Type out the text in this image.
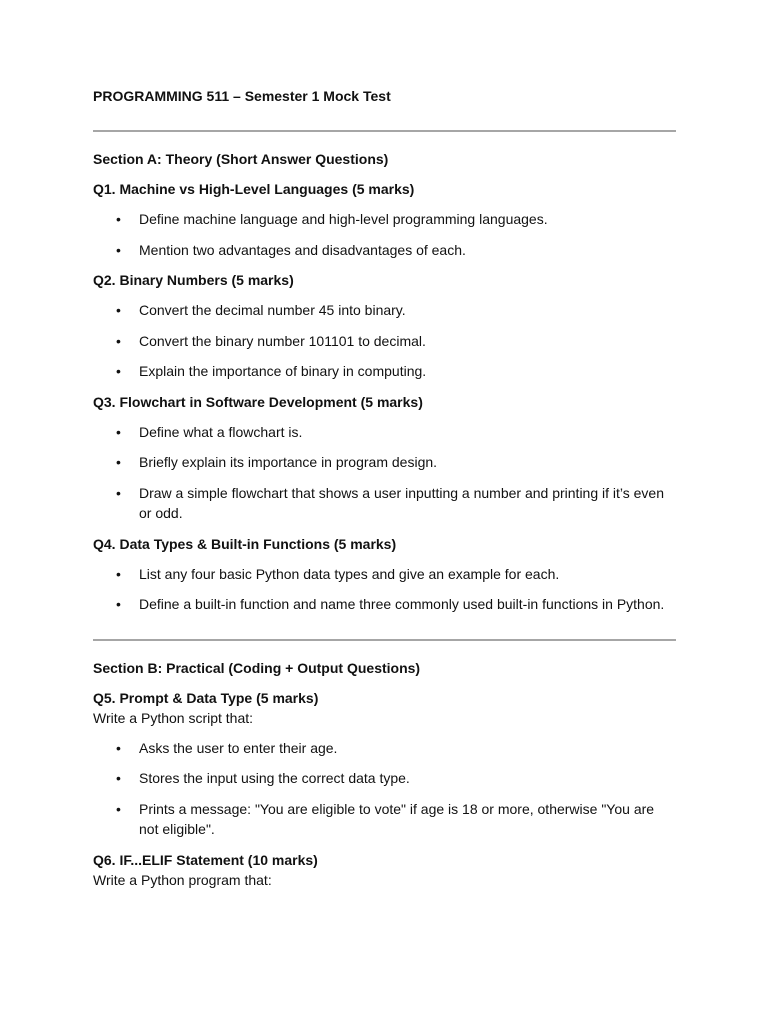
PROGRAMMING 511 – Semester 1 Mock Test

Section A: Theory (Short Answer Questions)

Q1. Machine vs High-Level Languages (5 marks)

• Define machine language and high-level programming languages.
• Mention two advantages and disadvantages of each.

Q2. Binary Numbers (5 marks)

• Convert the decimal number 45 into binary.
• Convert the binary number 101101 to decimal.
• Explain the importance of binary in computing.

Q3. Flowchart in Software Development (5 marks)

• Define what a flowchart is.
• Briefly explain its importance in program design.
• Draw a simple flowchart that shows a user inputting a number and printing if it’s even or odd.

Q4. Data Types & Built-in Functions (5 marks)

• List any four basic Python data types and give an example for each.
• Define a built-in function and name three commonly used built-in functions in Python.

Section B: Practical (Coding + Output Questions)

Q5. Prompt & Data Type (5 marks)

Write a Python script that:

• Asks the user to enter their age.
• Stores the input using the correct data type.
• Prints a message: "You are eligible to vote" if age is 18 or more, otherwise "You are not eligible".

Q6. IF...ELIF Statement (10 marks)

Write a Python program that:
